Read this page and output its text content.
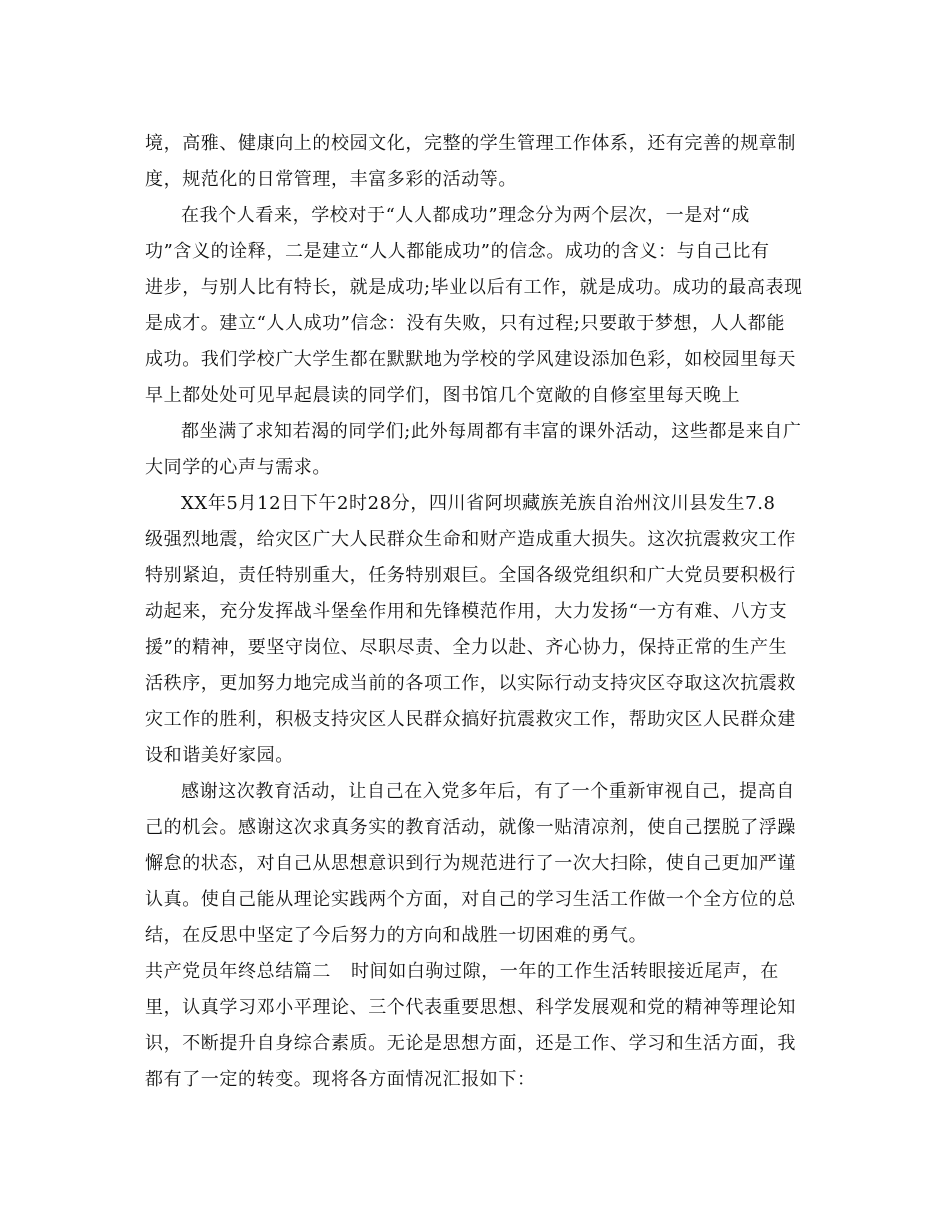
境，高雅、健康向上的校园文化，完整的学生管理工作体系，还有完善的规章制
度，规范化的日常管理，丰富多彩的活动等。
在我个人看来，学校对于“人人都成功”理念分为两个层次，一是对“成
功”含义的诠释，二是建立“人人都能成功”的信念。成功的含义：与自己比有
进步，与别人比有特长，就是成功;毕业以后有工作，就是成功。成功的最高表现
是成才。建立“人人成功”信念：没有失败，只有过程;只要敢于梦想，人人都能
成功。我们学校广大学生都在默默地为学校的学风建设添加色彩，如校园里每天
早上都处处可见早起晨读的同学们，图书馆几个宽敞的自修室里每天晚上
都坐满了求知若渴的同学们;此外每周都有丰富的课外活动，这些都是来自广
大同学的心声与需求。
XX年5月12日下午2时28分，四川省阿坝藏族羌族自治州汶川县发生7.8
级强烈地震，给灾区广大人民群众生命和财产造成重大损失。这次抗震救灾工作
特别紧迫，责任特别重大，任务特别艰巨。全国各级党组织和广大党员要积极行
动起来，充分发挥战斗堡垒作用和先锋模范作用，大力发扬“一方有难、八方支
援”的精神，要坚守岗位、尽职尽责、全力以赴、齐心协力，保持正常的生产生
活秩序，更加努力地完成当前的各项工作，以实际行动支持灾区夺取这次抗震救
灾工作的胜利，积极支持灾区人民群众搞好抗震救灾工作，帮助灾区人民群众建
设和谐美好家园。
感谢这次教育活动，让自己在入党多年后，有了一个重新审视自己，提高自
己的机会。感谢这次求真务实的教育活动，就像一贴清凉剂，使自己摆脱了浮躁
懈怠的状态，对自己从思想意识到行为规范进行了一次大扫除，使自己更加严谨
认真。使自己能从理论实践两个方面，对自己的学习生活工作做一个全方位的总
结，在反思中坚定了今后努力的方向和战胜一切困难的勇气。
共产党员年终总结篇二 时间如白驹过隙，一年的工作生活转眼接近尾声，在
里，认真学习邓小平理论、三个代表重要思想、科学发展观和党的精神等理论知
识，不断提升自身综合素质。无论是思想方面，还是工作、学习和生活方面，我
都有了一定的转变。现将各方面情况汇报如下：
